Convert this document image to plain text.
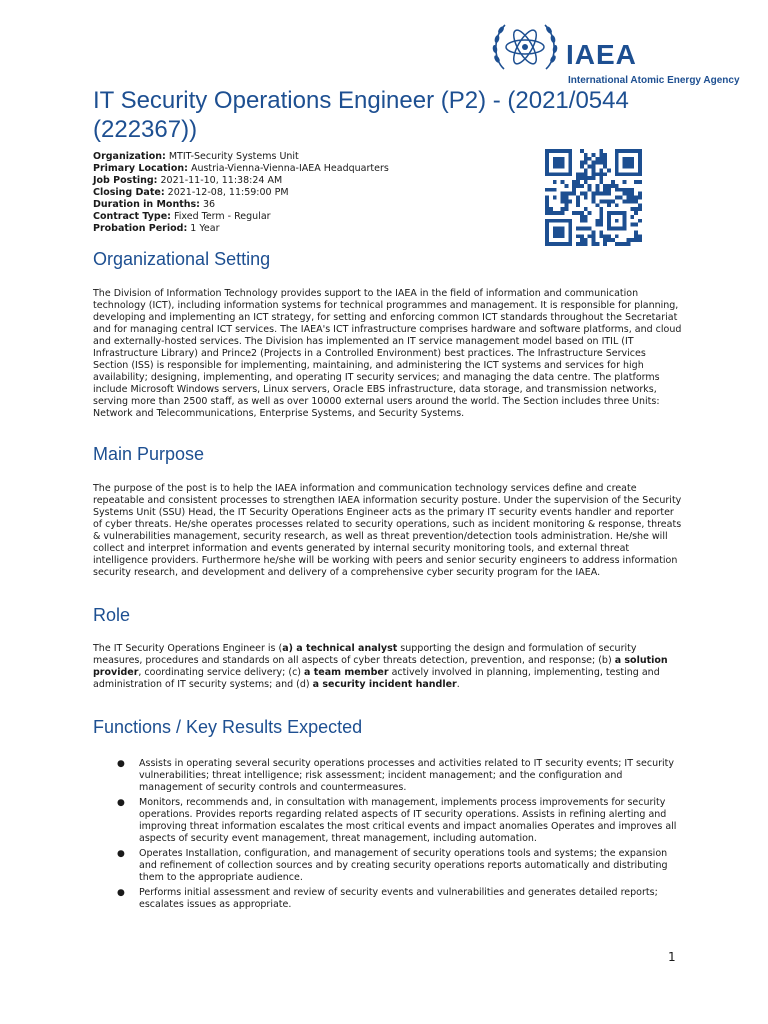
IAEA
International Atomic Energy Agency
IT Security Operations Engineer (P2) - (2021/0544 (222367))
Organization: MTIT-Security Systems Unit
Primary Location: Austria-Vienna-Vienna-IAEA Headquarters
Job Posting: 2021-11-10, 11:38:24 AM
Closing Date: 2021-12-08, 11:59:00 PM
Duration in Months: 36
Contract Type: Fixed Term - Regular
Probation Period: 1 Year
Organizational Setting

The Division of Information Technology provides support to the IAEA in the field of information and communication technology (ICT), including information systems for technical programmes and management. It is responsible for planning, developing and implementing an ICT strategy, for setting and enforcing common ICT standards throughout the Secretariat and for managing central ICT services. The IAEA's ICT infrastructure comprises hardware and software platforms, and cloud and externally-hosted services. The Division has implemented an IT service management model based on ITIL (IT Infrastructure Library) and Prince2 (Projects in a Controlled Environment) best practices. The Infrastructure Services Section (ISS) is responsible for implementing, maintaining, and administering the ICT systems and services for high availability; designing, implementing, and operating IT security services; and managing the data centre. The platforms include Microsoft Windows servers, Linux servers, Oracle EBS infrastructure, data storage, and transmission networks, serving more than 2500 staff, as well as over 10000 external users around the world. The Section includes three Units: Network and Telecommunications, Enterprise Systems, and Security Systems.

Main Purpose

The purpose of the post is to help the IAEA information and communication technology services define and create repeatable and consistent processes to strengthen IAEA information security posture. Under the supervision of the Security Systems Unit (SSU) Head, the IT Security Operations Engineer acts as the primary IT security events handler and reporter of cyber threats. He/she operates processes related to security operations, such as incident monitoring & response, threats & vulnerabilities management, security research, as well as threat prevention/detection tools administration. He/she will collect and interpret information and events generated by internal security monitoring tools, and external threat intelligence providers. Furthermore he/she will be working with peers and senior security engineers to address information security research, and development and delivery of a comprehensive cyber security program for the IAEA.

Role

The IT Security Operations Engineer is (a) a technical analyst supporting the design and formulation of security measures, procedures and standards on all aspects of cyber threats detection, prevention, and response; (b) a solution provider, coordinating service delivery; (c) a team member actively involved in planning, implementing, testing and administration of IT security systems; and (d) a security incident handler.

Functions / Key Results Expected
● Assists in operating several security operations processes and activities related to IT security events; IT security vulnerabilities; threat intelligence; risk assessment; incident management; and the configuration and management of security controls and countermeasures.
● Monitors, recommends and, in consultation with management, implements process improvements for security operations. Provides reports regarding related aspects of IT security operations. Assists in refining alerting and improving threat information escalates the most critical events and impact anomalies Operates and improves all aspects of security event management, threat management, including automation.
● Operates Installation, configuration, and management of security operations tools and systems; the expansion and refinement of collection sources and by creating security operations reports automatically and distributing them to the appropriate audience.
● Performs initial assessment and review of security events and vulnerabilities and generates detailed reports; escalates issues as appropriate.
1
